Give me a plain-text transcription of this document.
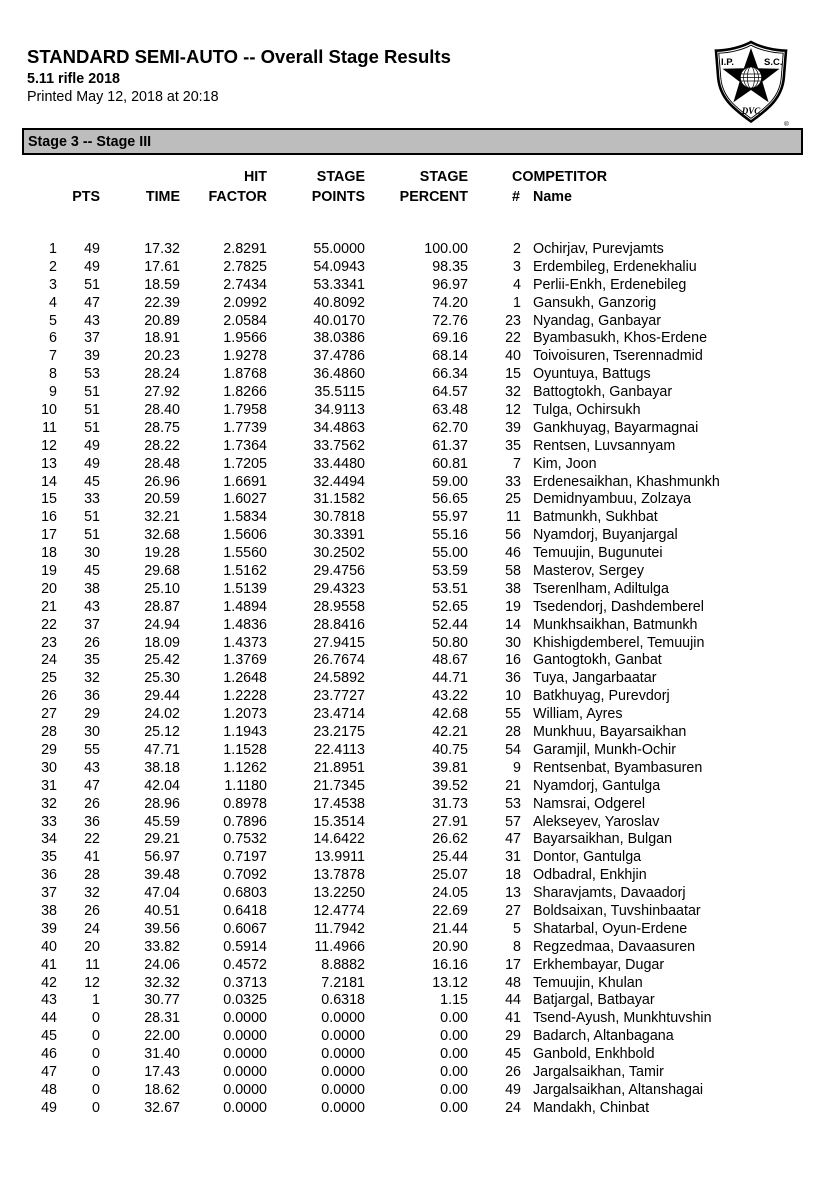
STANDARD SEMI-AUTO -- Overall Stage Results
5.11 rifle 2018
Printed May 12, 2018 at 20:18
I.P.	S.C.
DVC
®
Stage 3 -- Stage III
HIT	STAGE	STAGE	COMPETITOR
PTS	TIME	FACTOR	POINTS	PERCENT	# Name
1	49	17.32	2.8291	55.0000	100.00	2 Ochirjav, Purevjamts
2	49	17.61	2.7825	54.0943	98.35	3 Erdembileg, Erdenekhaliu
3	51	18.59	2.7434	53.3341	96.97	4 Perlii-Enkh, Erdenebileg
4	47	22.39	2.0992	40.8092	74.20	1 Gansukh, Ganzorig
5	43	20.89	2.0584	40.0170	72.76	23 Nyandag, Ganbayar
6	37	18.91	1.9566	38.0386	69.16	22 Byambasukh, Khos-Erdene
7	39	20.23	1.9278	37.4786	68.14	40 Toivoisuren, Tserennadmid
8	53	28.24	1.8768	36.4860	66.34	15 Oyuntuya, Battugs
9	51	27.92	1.8266	35.5115	64.57	32 Battogtokh, Ganbayar
10	51	28.40	1.7958	34.9113	63.48	12 Tulga, Ochirsukh
11	51	28.75	1.7739	34.4863	62.70	39 Gankhuyag, Bayarmagnai
12	49	28.22	1.7364	33.7562	61.37	35 Rentsen, Luvsannyam
13	49	28.48	1.7205	33.4480	60.81	7 Kim, Joon
14	45	26.96	1.6691	32.4494	59.00	33 Erdenesaikhan, Khashmunkh
15	33	20.59	1.6027	31.1582	56.65	25 Demidnyambuu, Zolzaya
16	51	32.21	1.5834	30.7818	55.97	11 Batmunkh, Sukhbat
17	51	32.68	1.5606	30.3391	55.16	56 Nyamdorj, Buyanjargal
18	30	19.28	1.5560	30.2502	55.00	46 Temuujin, Bugunutei
19	45	29.68	1.5162	29.4756	53.59	58 Masterov, Sergey
20	38	25.10	1.5139	29.4323	53.51	38 Tserenlham, Adiltulga
21	43	28.87	1.4894	28.9558	52.65	19 Tsedendorj, Dashdemberel
22	37	24.94	1.4836	28.8416	52.44	14 Munkhsaikhan, Batmunkh
23	26	18.09	1.4373	27.9415	50.80	30 Khishigdemberel, Temuujin
24	35	25.42	1.3769	26.7674	48.67	16 Gantogtokh, Ganbat
25	32	25.30	1.2648	24.5892	44.71	36 Tuya, Jangarbaatar
26	36	29.44	1.2228	23.7727	43.22	10 Batkhuyag, Purevdorj
27	29	24.02	1.2073	23.4714	42.68	55 William, Ayres
28	30	25.12	1.1943	23.2175	42.21	28 Munkhuu, Bayarsaikhan
29	55	47.71	1.1528	22.4113	40.75	54 Garamjil, Munkh-Ochir
30	43	38.18	1.1262	21.8951	39.81	9 Rentsenbat, Byambasuren
31	47	42.04	1.1180	21.7345	39.52	21 Nyamdorj, Gantulga
32	26	28.96	0.8978	17.4538	31.73	53 Namsrai, Odgerel
33	36	45.59	0.7896	15.3514	27.91	57 Alekseyev, Yaroslav
34	22	29.21	0.7532	14.6422	26.62	47 Bayarsaikhan, Bulgan
35	41	56.97	0.7197	13.9911	25.44	31 Dontor, Gantulga
36	28	39.48	0.7092	13.7878	25.07	18 Odbadral, Enkhjin
37	32	47.04	0.6803	13.2250	24.05	13 Sharavjamts, Davaadorj
38	26	40.51	0.6418	12.4774	22.69	27 Boldsaixan, Tuvshinbaatar
39	24	39.56	0.6067	11.7942	21.44	5 Shatarbal, Oyun-Erdene
40	20	33.82	0.5914	11.4966	20.90	8 Regzedmaa, Davaasuren
41	11	24.06	0.4572	8.8882	16.16	17 Erkhembayar, Dugar
42	12	32.32	0.3713	7.2181	13.12	48 Temuujin, Khulan
43	1	30.77	0.0325	0.6318	1.15	44 Batjargal, Batbayar
44	0	28.31	0.0000	0.0000	0.00	41 Tsend-Ayush, Munkhtuvshin
45	0	22.00	0.0000	0.0000	0.00	29 Badarch, Altanbagana
46	0	31.40	0.0000	0.0000	0.00	45 Ganbold, Enkhbold
47	0	17.43	0.0000	0.0000	0.00	26 Jargalsaikhan, Tamir
48	0	18.62	0.0000	0.0000	0.00	49 Jargalsaikhan, Altanshagai
49	0	32.67	0.0000	0.0000	0.00	24 Mandakh, Chinbat
